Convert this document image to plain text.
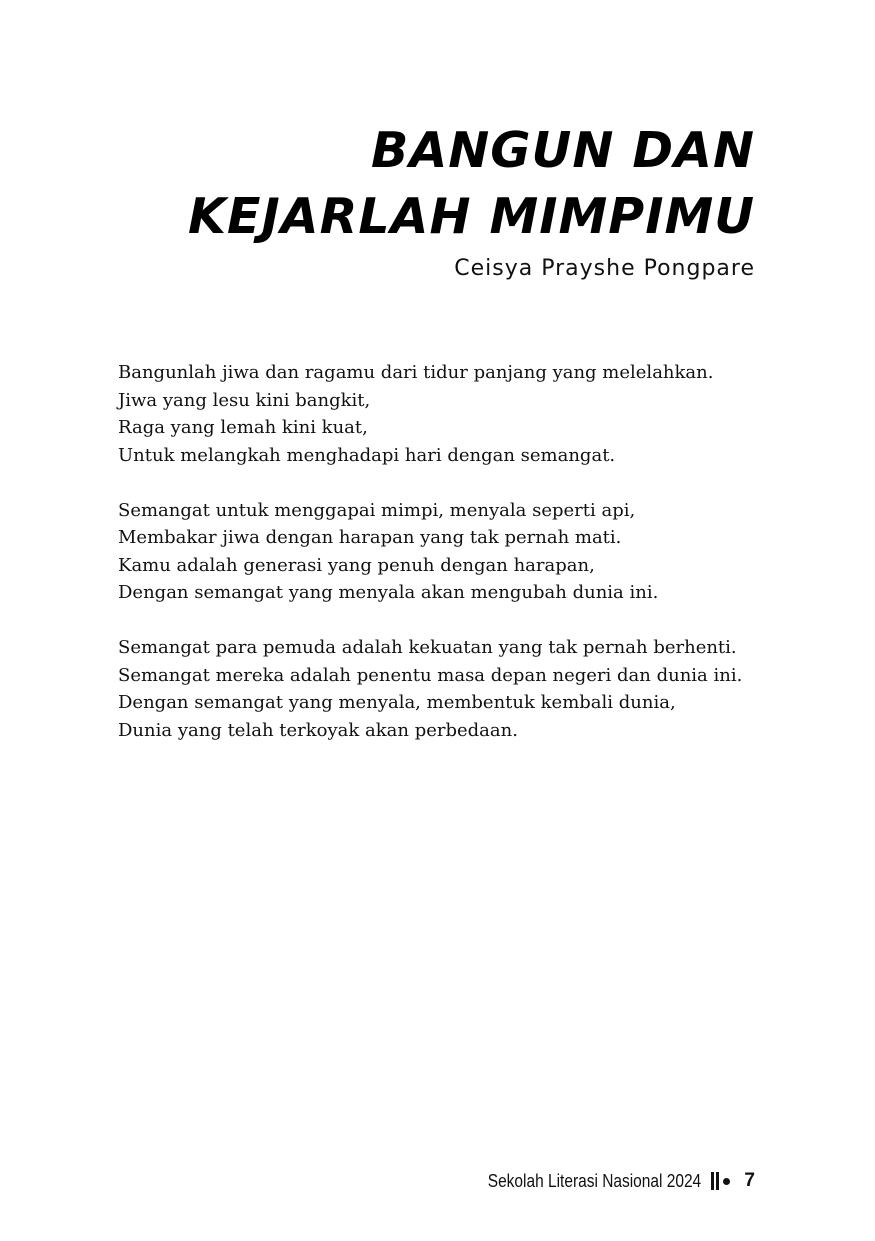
BANGUN DAN
KEJARLAH MIMPIMU
Ceisya Prayshe Pongpare
Bangunlah jiwa dan ragamu dari tidur panjang yang melelahkan.
Jiwa yang lesu kini bangkit,
Raga yang lemah kini kuat,
Untuk melangkah menghadapi hari dengan semangat.
Semangat untuk menggapai mimpi, menyala seperti api,
Membakar jiwa dengan harapan yang tak pernah mati.
Kamu adalah generasi yang penuh dengan harapan,
Dengan semangat yang menyala akan mengubah dunia ini.
Semangat para pemuda adalah kekuatan yang tak pernah berhenti.
Semangat mereka adalah penentu masa depan negeri dan dunia ini.
Dengan semangat yang menyala, membentuk kembali dunia,
Dunia yang telah terkoyak akan perbedaan.
Sekolah Literasi Nasional 2024 7
